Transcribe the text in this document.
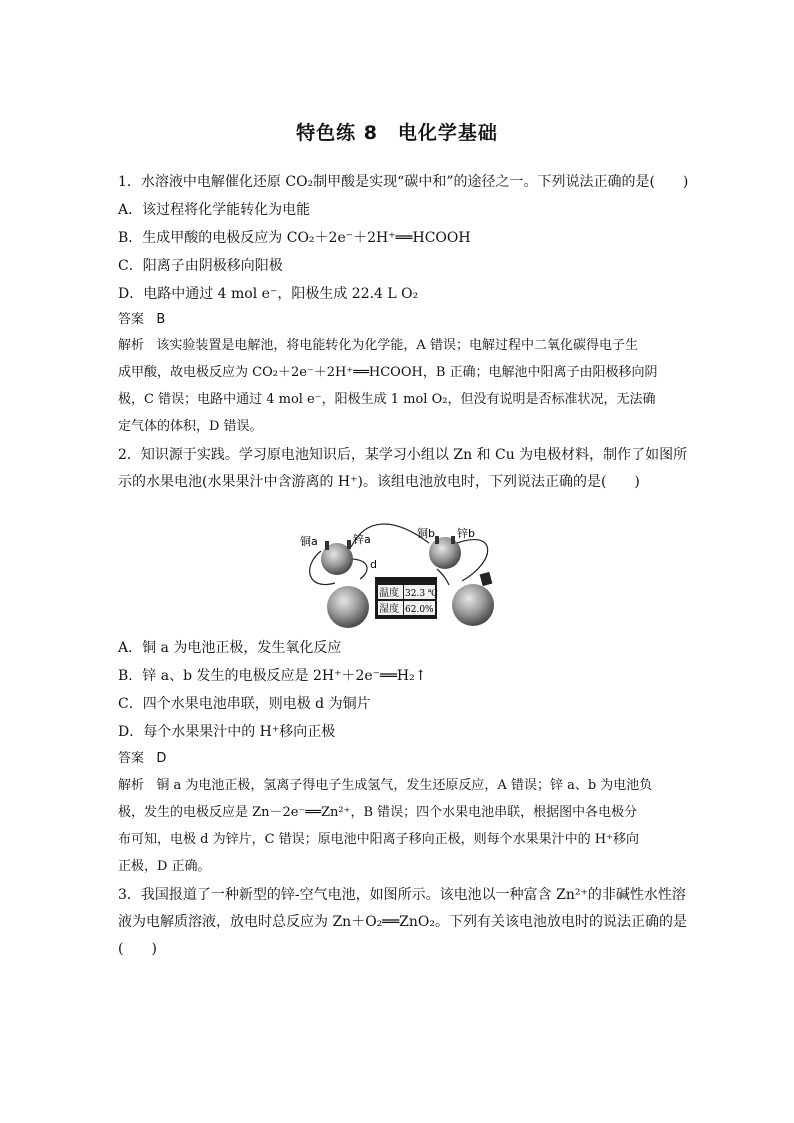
特色练 8　电化学基础
1．水溶液中电解催化还原 CO₂制甲酸是实现“碳中和”的途径之一。下列说法正确的是(　　)
A．该过程将化学能转化为电能
B．生成甲酸的电极反应为 CO₂＋2e⁻＋2H⁺══HCOOH
C．阳离子由阴极移向阳极
D．电路中通过 4 mol e⁻，阳极生成 22.4 L O₂
答案 B
解析 该实验装置是电解池，将电能转化为化学能，A 错误；电解过程中二氧化碳得电子生
成甲酸，故电极反应为 CO₂＋2e⁻＋2H⁺══HCOOH，B 正确；电解池中阳离子由阳极移向阴
极，C 错误；电路中通过 4 mol e⁻，阳极生成 1 mol O₂，但没有说明是否标准状况，无法确
定气体的体积，D 错误。
2．知识源于实践。学习原电池知识后，某学习小组以 Zn 和 Cu 为电极材料，制作了如图所
示的水果电池(水果果汁中含游离的 H⁺)。该组电池放电时，下列说法正确的是(　　)
铜a	锌a	铜b 锌b
d
温度 32.3 ℃
湿度 62.0%
A．铜 a 为电池正极，发生氧化反应
B．锌 a、b 发生的电极反应是 2H⁺＋2e⁻══H₂↑
C．四个水果电池串联，则电极 d 为铜片
D．每个水果果汁中的 H⁺移向正极
答案 D
解析 铜 a 为电池正极，氢离子得电子生成氢气，发生还原反应，A 错误；锌 a、b 为电池负
极，发生的电极反应是 Zn－2e⁻══Zn²⁺，B 错误；四个水果电池串联，根据图中各电极分
布可知，电极 d 为锌片，C 错误；原电池中阳离子移向正极，则每个水果果汁中的 H⁺移向
正极，D 正确。
3．我国报道了一种新型的锌-空气电池，如图所示。该电池以一种富含 Zn²⁺的非碱性水性溶
液为电解质溶液，放电时总反应为 Zn＋O₂══ZnO₂。下列有关该电池放电时的说法正确的是
(　　)
